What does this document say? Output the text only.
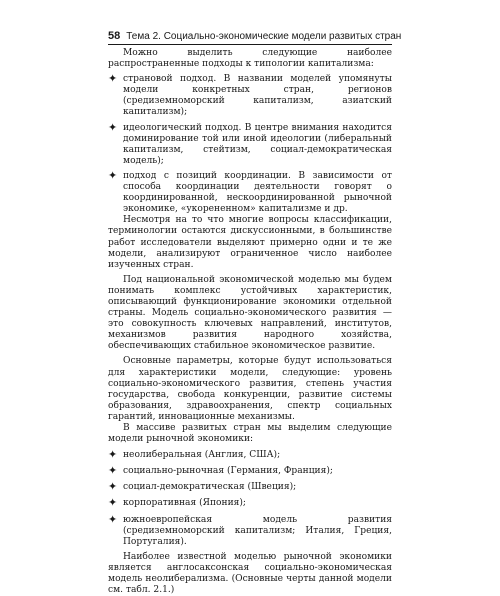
58 Тема 2. Социально-экономические модели развитых стран

Можно выделить следующие наиболее распространенные подходы к типологии капитализма:

✦ страновой подход. В названии моделей упомянуты модели конкретных стран, регионов (средиземноморский капитализм, азиатский капитализм);

✦ идеологический подход. В центре внимания находится доминирование той или иной идеологии (либеральный капитализм, стейтизм, социал-демократическая модель);

✦ подход с позиций координации. В зависимости от способа координации деятельности говорят о координированной, нескоординированной рыночной экономике, «укорененном» капитализме и др.

Несмотря на то что многие вопросы классификации, терминологии остаются дискуссионными, в большинстве работ исследователи выделяют примерно одни и те же модели, анализируют ограниченное число наиболее изученных стран.

Под национальной экономической моделью мы будем понимать комплекс устойчивых характеристик, описывающий функционирование экономики отдельной страны. Модель социально-экономического развития — это совокупность ключевых направлений, институтов, механизмов развития народного хозяйства, обеспечивающих стабильное экономическое развитие.

Основные параметры, которые будут использоваться для характеристики модели, следующие: уровень социально-экономического развития, степень участия государства, свобода конкуренции, развитие системы образования, здравоохранения, спектр социальных гарантий, инновационные механизмы.

В массиве развитых стран мы выделим следующие модели рыночной экономики:

✦ неолиберальная (Англия, США);

✦ социально-рыночная (Германия, Франция);

✦ социал-демократическая (Швеция);

✦ корпоративная (Япония);

✦ южноевропейская модель развития (средиземноморский капитализм; Италия, Греция, Португалия).

Наиболее известной моделью рыночной экономики является англосаксонская социально-экономическая модель неолиберализма. (Основные черты данной модели см. табл. 2.1.)
